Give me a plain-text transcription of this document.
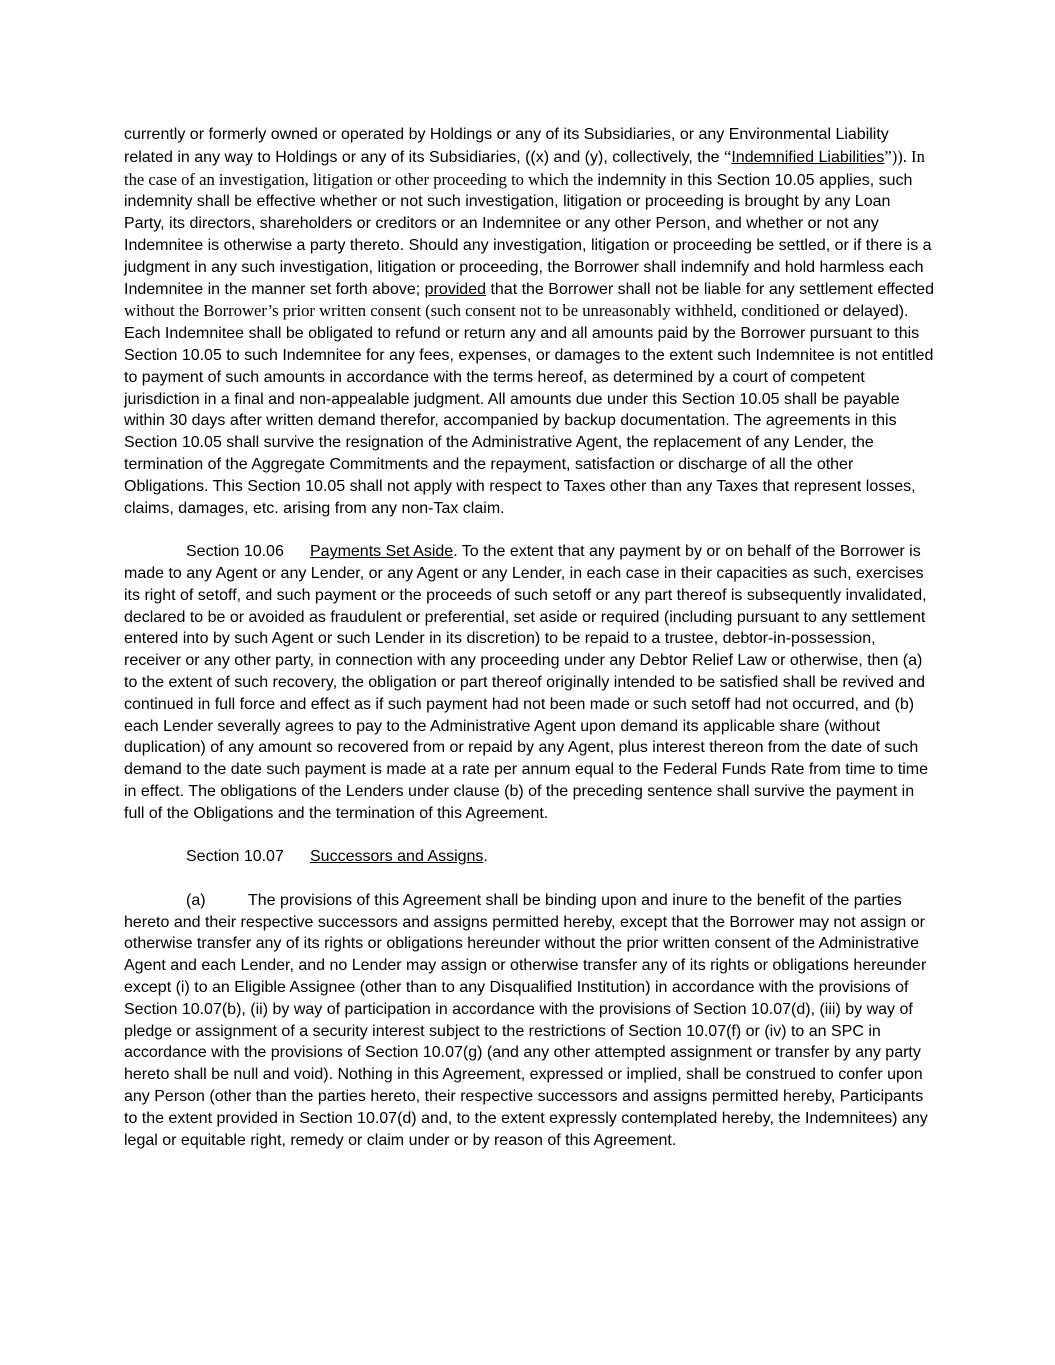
currently or formerly owned or operated by Holdings or any of its Subsidiaries, or any Environmental Liability related in any way to Holdings or any of its Subsidiaries, ((x) and (y), collectively, the “Indemnified Liabilities”)). In the case of an investigation, litigation or other proceeding to which the indemnity in this Section 10.05 applies, such indemnity shall be effective whether or not such investigation, litigation or proceeding is brought by any Loan Party, its directors, shareholders or creditors or an Indemnitee or any other Person, and whether or not any Indemnitee is otherwise a party thereto. Should any investigation, litigation or proceeding be settled, or if there is a judgment in any such investigation, litigation or proceeding, the Borrower shall indemnify and hold harmless each Indemnitee in the manner set forth above; provided that the Borrower shall not be liable for any settlement effected without the Borrower’s prior written consent (such consent not to be unreasonably withheld, conditioned or delayed). Each Indemnitee shall be obligated to refund or return any and all amounts paid by the Borrower pursuant to this Section 10.05 to such Indemnitee for any fees, expenses, or damages to the extent such Indemnitee is not entitled to payment of such amounts in accordance with the terms hereof, as determined by a court of competent jurisdiction in a final and non-appealable judgment. All amounts due under this Section 10.05 shall be payable within 30 days after written demand therefor, accompanied by backup documentation. The agreements in this Section 10.05 shall survive the resignation of the Administrative Agent, the replacement of any Lender, the termination of the Aggregate Commitments and the repayment, satisfaction or discharge of all the other Obligations. This Section 10.05 shall not apply with respect to Taxes other than any Taxes that represent losses, claims, damages, etc. arising from any non-Tax claim.

Section 10.06 Payments Set Aside. To the extent that any payment by or on behalf of the Borrower is made to any Agent or any Lender, or any Agent or any Lender, in each case in their capacities as such, exercises its right of setoff, and such payment or the proceeds of such setoff or any part thereof is subsequently invalidated, declared to be or avoided as fraudulent or preferential, set aside or required (including pursuant to any settlement entered into by such Agent or such Lender in its discretion) to be repaid to a trustee, debtor-in-possession, receiver or any other party, in connection with any proceeding under any Debtor Relief Law or otherwise, then (a) to the extent of such recovery, the obligation or part thereof originally intended to be satisfied shall be revived and continued in full force and effect as if such payment had not been made or such setoff had not occurred, and (b) each Lender severally agrees to pay to the Administrative Agent upon demand its applicable share (without duplication) of any amount so recovered from or repaid by any Agent, plus interest thereon from the date of such demand to the date such payment is made at a rate per annum equal to the Federal Funds Rate from time to time in effect. The obligations of the Lenders under clause (b) of the preceding sentence shall survive the payment in full of the Obligations and the termination of this Agreement.

Section 10.07 Successors and Assigns.

(a)	The provisions of this Agreement shall be binding upon and inure to the benefit of the parties hereto and their respective successors and assigns permitted hereby, except that the Borrower may not assign or otherwise transfer any of its rights or obligations hereunder without the prior written consent of the Administrative Agent and each Lender, and no Lender may assign or otherwise transfer any of its rights or obligations hereunder except (i) to an Eligible Assignee (other than to any Disqualified Institution) in accordance with the provisions of Section 10.07(b), (ii) by way of participation in accordance with the provisions of Section 10.07(d), (iii) by way of pledge or assignment of a security interest subject to the restrictions of Section 10.07(f) or (iv) to an SPC in accordance with the provisions of Section 10.07(g) (and any other attempted assignment or transfer by any party hereto shall be null and void). Nothing in this Agreement, expressed or implied, shall be construed to confer upon any Person (other than the parties hereto, their respective successors and assigns permitted hereby, Participants to the extent provided in Section 10.07(d) and, to the extent expressly contemplated hereby, the Indemnitees) any legal or equitable right, remedy or claim under or by reason of this Agreement.
